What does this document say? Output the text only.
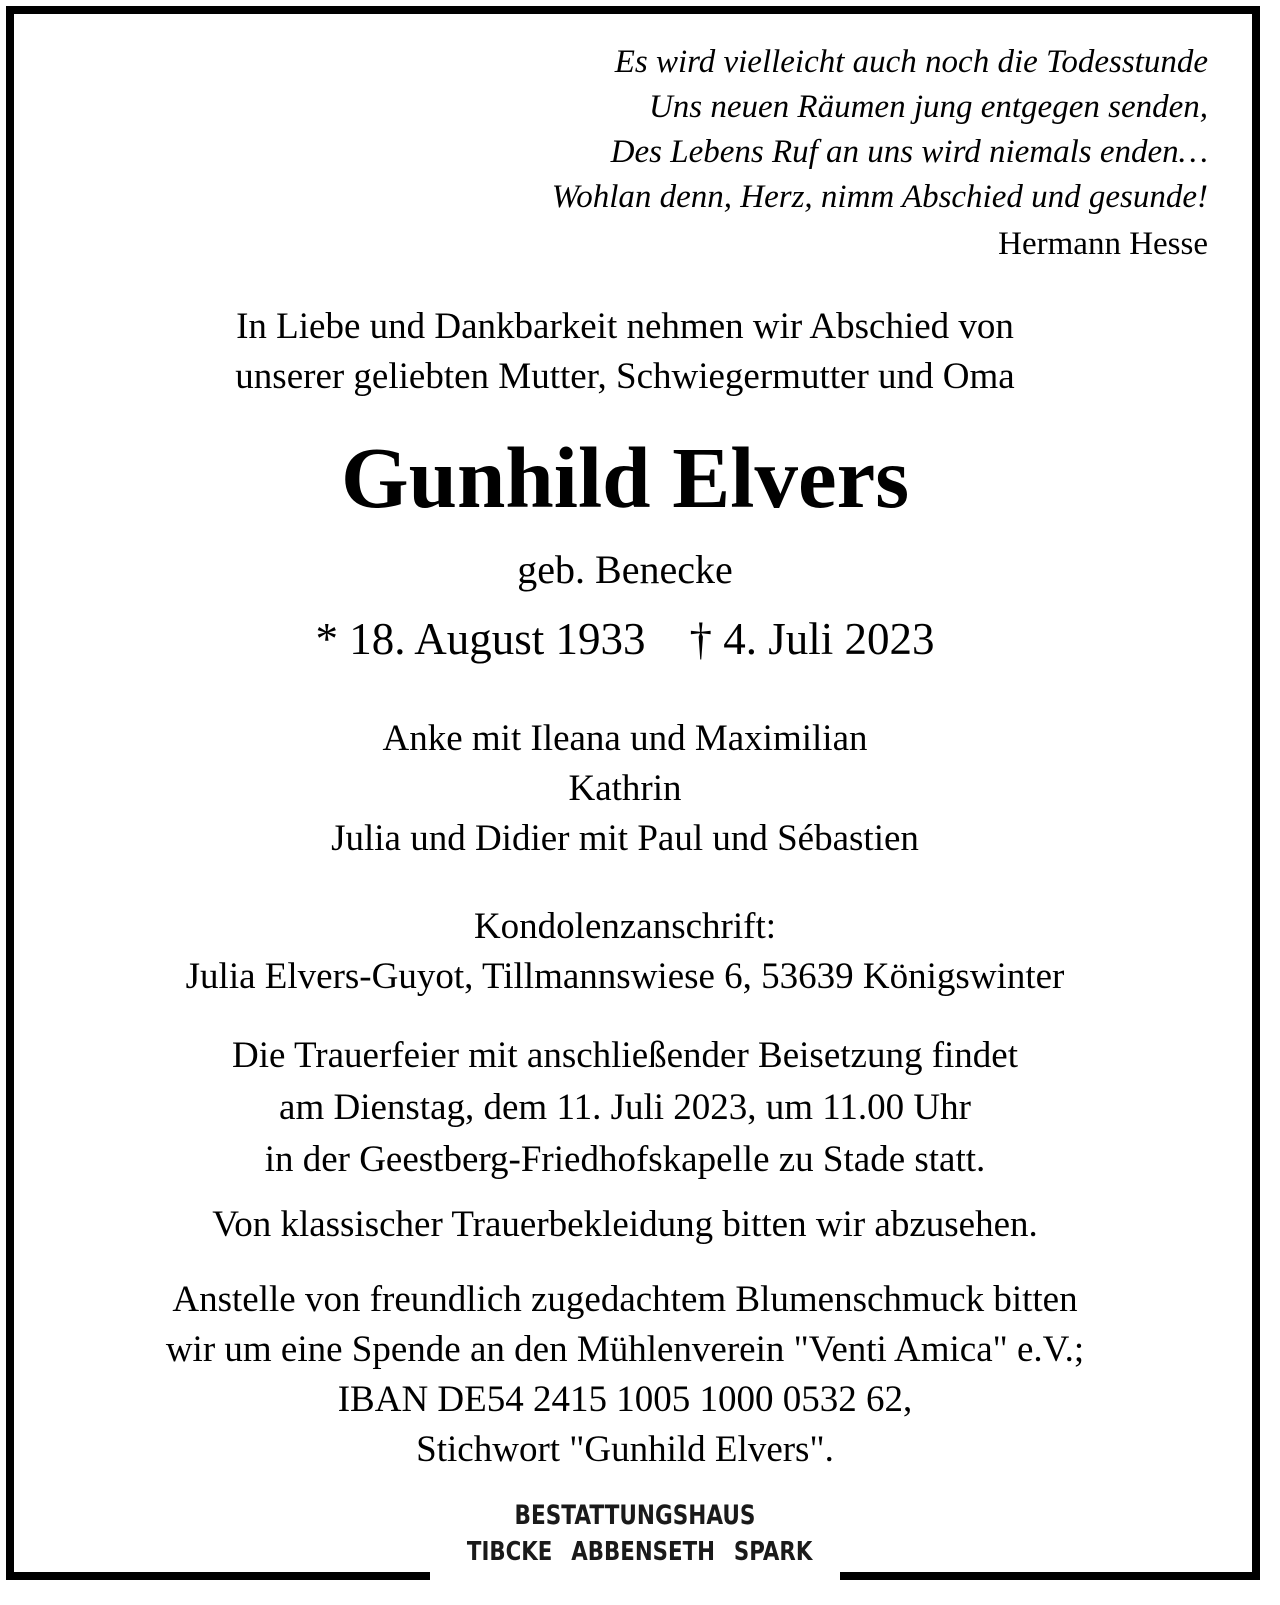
Es wird vielleicht auch noch die Todesstunde
Uns neuen Räumen jung entgegen senden,
Des Lebens Ruf an uns wird niemals enden…
Wohlan denn, Herz, nimm Abschied und gesunde!
Hermann Hesse
In Liebe und Dankbarkeit nehmen wir Abschied von
unserer geliebten Mutter, Schwiegermutter und Oma
Gunhild Elvers
geb. Benecke
* 18. August 1933 † 4. Juli 2023
Anke mit Ileana und Maximilian
Kathrin
Julia und Didier mit Paul und Sébastien
Kondolenzanschrift:
Julia Elvers-Guyot, Tillmannswiese 6, 53639 Königswinter
Die Trauerfeier mit anschließender Beisetzung findet
am Dienstag, dem 11. Juli 2023, um 11.00 Uhr
in der Geestberg-Friedhofskapelle zu Stade statt.
Von klassischer Trauerbekleidung bitten wir abzusehen.
Anstelle von freundlich zugedachtem Blumenschmuck bitten
wir um eine Spende an den Mühlenverein "Venti Amica" e.V.;
IBAN DE54 2415 1005 1000 0532 62,
Stichwort "Gunhild Elvers".
BESTATTUNGSHAUS
TIBCKE ABBENSETH SPARK
